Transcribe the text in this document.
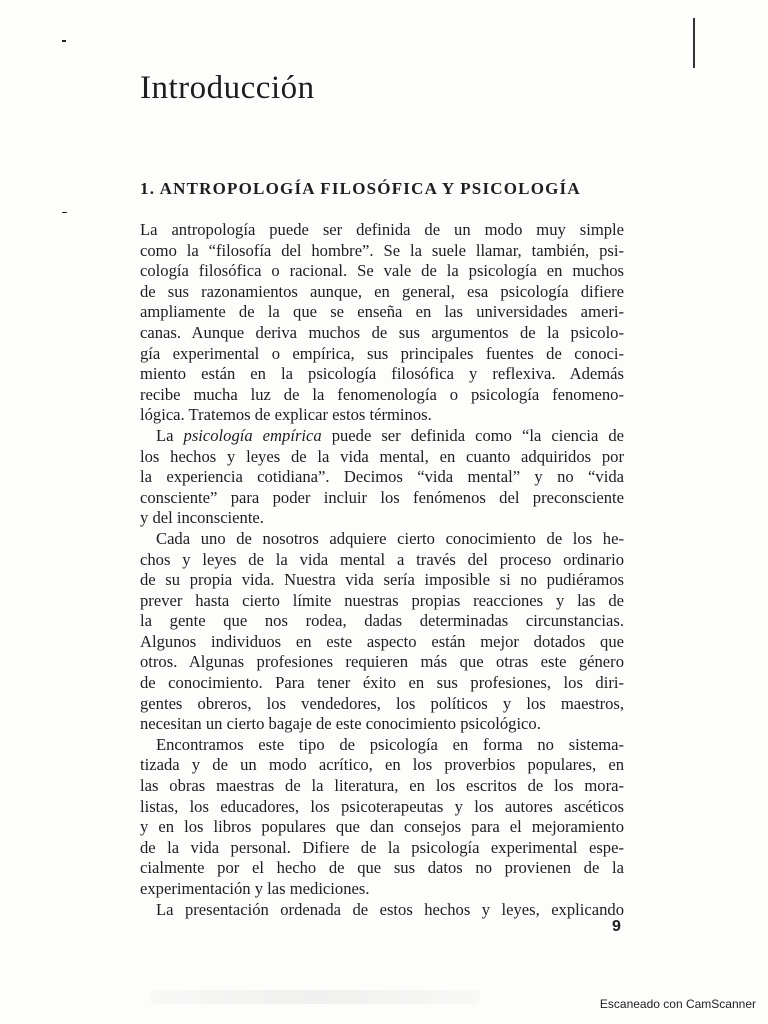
Introducción
1. ANTROPOLOGÍA FILOSÓFICA Y PSICOLOGÍA
La antropología puede ser definida de un modo muy simple
como la “filosofía del hombre”. Se la suele llamar, también, psi-
cología filosófica o racional. Se vale de la psicología en muchos
de sus razonamientos aunque, en general, esa psicología difiere
ampliamente de la que se enseña en las universidades ameri-
canas. Aunque deriva muchos de sus argumentos de la psicolo-
gía experimental o empírica, sus principales fuentes de conoci-
miento están en la psicología filosófica y reflexiva. Además
recibe mucha luz de la fenomenología o psicología fenomeno-
lógica. Tratemos de explicar estos términos.
La psicología empírica puede ser definida como “la ciencia de
los hechos y leyes de la vida mental, en cuanto adquiridos por
la experiencia cotidiana”. Decimos “vida mental” y no “vida
consciente” para poder incluir los fenómenos del preconsciente
y del inconsciente.
Cada uno de nosotros adquiere cierto conocimiento de los he-
chos y leyes de la vida mental a través del proceso ordinario
de su propia vida. Nuestra vida sería imposible si no pudiéramos
prever hasta cierto límite nuestras propias reacciones y las de
la gente que nos rodea, dadas determinadas circunstancias.
Algunos individuos en este aspecto están mejor dotados que
otros. Algunas profesiones requieren más que otras este género
de conocimiento. Para tener éxito en sus profesiones, los diri-
gentes obreros, los vendedores, los políticos y los maestros,
necesitan un cierto bagaje de este conocimiento psicológico.
Encontramos este tipo de psicología en forma no sistema-
tizada y de un modo acrítico, en los proverbios populares, en
las obras maestras de la literatura, en los escritos de los mora-
listas, los educadores, los psicoterapeutas y los autores ascéticos
y en los libros populares que dan consejos para el mejoramiento
de la vida personal. Difiere de la psicología experimental espe-
cialmente por el hecho de que sus datos no provienen de la
experimentación y las mediciones.
La presentación ordenada de estos hechos y leyes, explicando
9
Escaneado con CamScanner
